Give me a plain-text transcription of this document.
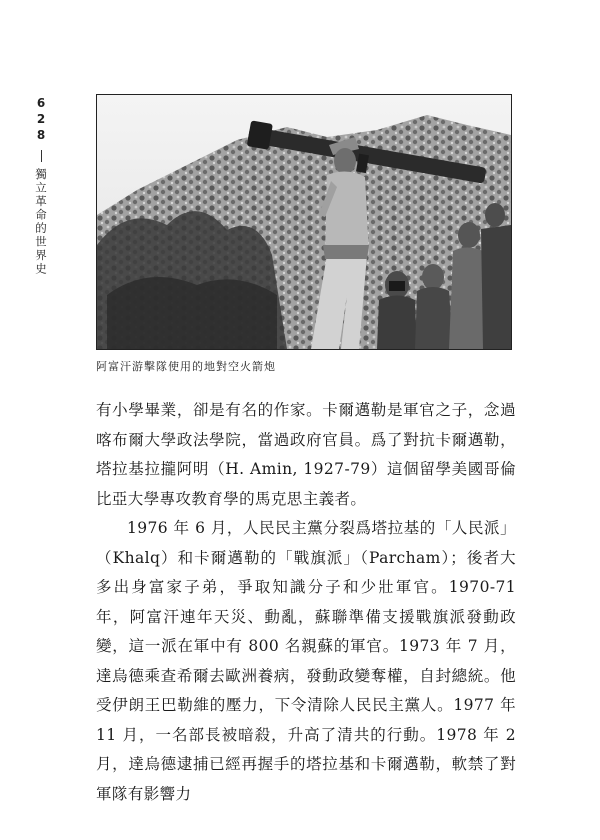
628
獨立革命的世界史
阿富汗游擊隊使用的地對空火箭炮

有小學畢業，卻是有名的作家。卡爾邁勒是軍官之子，念過喀布爾大學政法學院，當過政府官員。爲了對抗卡爾邁勒，塔拉基拉攏阿明（H. Amin, 1927-79）這個留學美國哥倫比亞大學專攻教育學的馬克思主義者。

1976 年 6 月，人民民主黨分裂爲塔拉基的「人民派」（Khalq）和卡爾邁勒的「戰旗派」（Parcham）；後者大多出身富家子弟，爭取知識分子和少壯軍官。1970-71 年，阿富汗連年天災、動亂，蘇聯準備支援戰旗派發動政變，這一派在軍中有 800 名親蘇的軍官。1973 年 7 月，達烏德乘查希爾去歐洲養病，發動政變奪權，自封總統。他受伊朗王巴勒維的壓力，下令清除人民民主黨人。1977 年 11 月，一名部長被暗殺，升高了清共的行動。1978 年 2 月，達烏德逮捕已經再握手的塔拉基和卡爾邁勒，軟禁了對軍隊有影響力
